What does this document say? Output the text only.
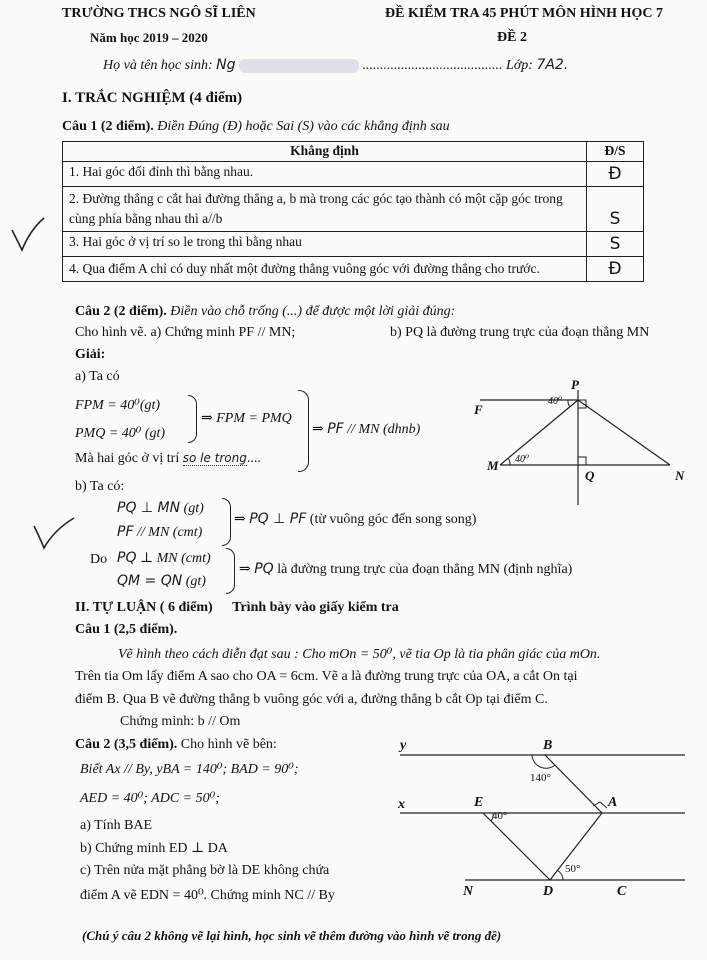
TRƯỜNG THCS NGÔ SĨ LIÊN	ĐỀ KIỂM TRA 45 PHÚT MÔN HÌNH HỌC 7
Năm học 2019 – 2020	ĐỀ 2
Họ và tên học sinh: Ng	........................................ Lớp: 7A2.
I. TRẮC NGHIỆM (4 điểm)
Câu 1 (2 điểm). Điền Đúng (Đ) hoặc Sai (S) vào các khẳng định sau
Khẳng định	Đ/S
1. Hai góc đối đỉnh thì bằng nhau.	Đ
2. Đường thẳng c cắt hai đường thẳng a, b mà trong các góc tạo thành có một cặp góc trong cùng phía bằng nhau thì a//b	S
3. Hai góc ở vị trí so le trong thì bằng nhau	S
4. Qua điểm A chỉ có duy nhất một đường thẳng vuông góc với đường thẳng cho trước.	Đ
Câu 2 (2 điểm). Điền vào chỗ trống (...) để được một lời giải đúng:
Cho hình vẽ. a) Chứng minh PF // MN;	b) PQ là đường trung trực của đoạn thẳng MN
Giải:
a) Ta có
FPM = 40⁰(gt)
PMQ = 40⁰ (gt)
⇒ FPM = PMQ
⇒ PF // MN (dhnb)
Mà hai góc ở vị trí so le trong....
b) Ta có:
PQ ⊥ MN (gt)
PF // MN (cmt)
⇒ PQ ⊥ PF (từ vuông góc đến song song)
Do PQ ⊥ MN (cmt)
QM = QN (gt)
⇒ PQ là đường trung trực của đoạn thẳng MN (định nghĩa)
P
F
40⁰
M 40⁰
Q	N
II. TỰ LUẬN ( 6 điểm) Trình bày vào giấy kiểm tra
Câu 1 (2,5 điểm).
Vẽ hình theo cách diễn đạt sau : Cho mOn = 50⁰, vẽ tia Op là tia phân giác của mOn.
Trên tia Om lấy điểm A sao cho OA = 6cm. Vẽ a là đường trung trực của OA, a cắt On tại
điểm B. Qua B vẽ đường thẳng b vuông góc với a, đường thẳng b cắt Op tại điểm C.
Chứng minh: b // Om
Câu 2 (3,5 điểm). Cho hình vẽ bên:
Biết Ax // By, yBA = 140⁰; BAD = 90⁰;
AED = 40⁰; ADC = 50⁰;
a) Tính BAE
b) Chứng minh ED ⊥ DA
c) Trên nửa mặt phẳng bờ là DE không chứa
điểm A vẽ EDN = 40⁰. Chứng minh NC // By
y	B
140°
x	E
40°
A
50°
N	D	C
(Chú ý câu 2 không vẽ lại hình, học sinh vẽ thêm đường vào hình vẽ trong đề)
